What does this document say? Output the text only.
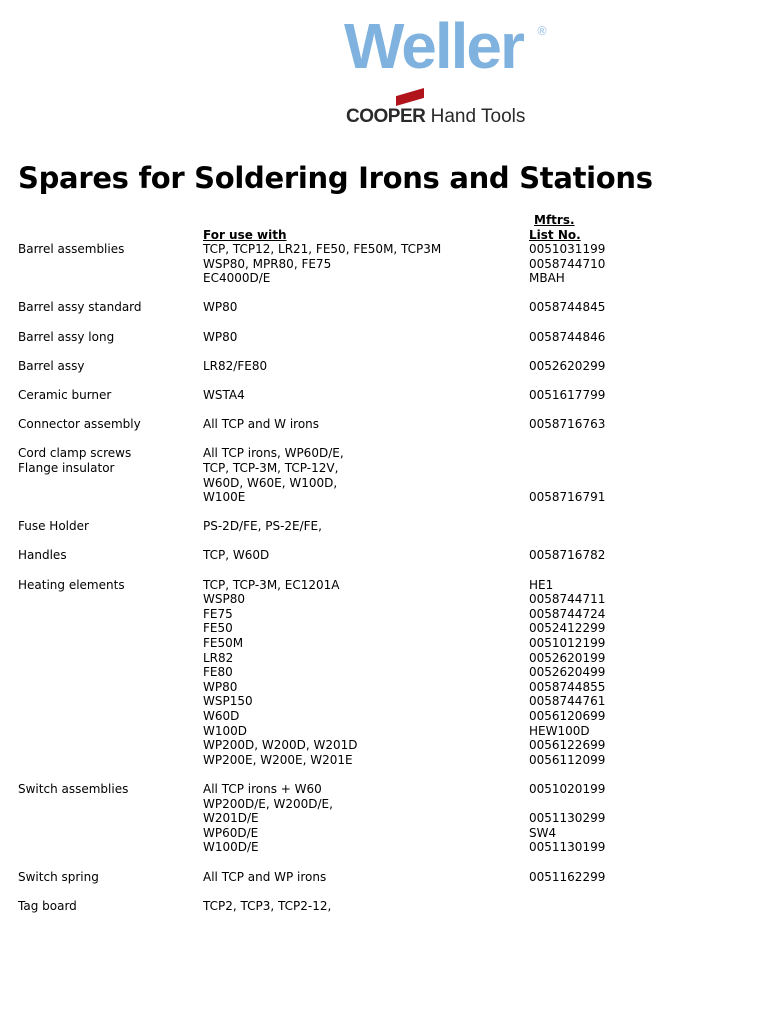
Weller ®
COOPER Hand Tools
Spares for Soldering Irons and Stations
Mftrs.
For use with	List No.
Barrel assemblies	TCP, TCP12, LR21, FE50, FE50M, TCP3M	0051031199
WSP80, MPR80, FE75	0058744710
EC4000D/E	MBAH
Barrel assy standard	WP80	0058744845
Barrel assy long	WP80	0058744846
Barrel assy	LR82/FE80	0052620299
Ceramic burner	WSTA4	0051617799
Connector assembly	All TCP and W irons	0058716763
Cord clamp screws	All TCP irons, WP60D/E,
Flange insulator	TCP, TCP-3M, TCP-12V,
W60D, W60E, W100D,
W100E	0058716791
Fuse Holder	PS-2D/FE, PS-2E/FE,
Handles	TCP, W60D	0058716782
Heating elements	TCP, TCP-3M, EC1201A	HE1
WSP80	0058744711
FE75	0058744724
FE50	0052412299
FE50M	0051012199
LR82	0052620199
FE80	0052620499
WP80	0058744855
WSP150	0058744761
W60D	0056120699
W100D	HEW100D
WP200D, W200D, W201D	0056122699
WP200E, W200E, W201E	0056112099
Switch assemblies	All TCP irons + W60	0051020199
WP200D/E, W200D/E,
W201D/E	0051130299
WP60D/E	SW4
W100D/E	0051130199
Switch spring	All TCP and WP irons	0051162299
Tag board	TCP2, TCP3, TCP2-12,
